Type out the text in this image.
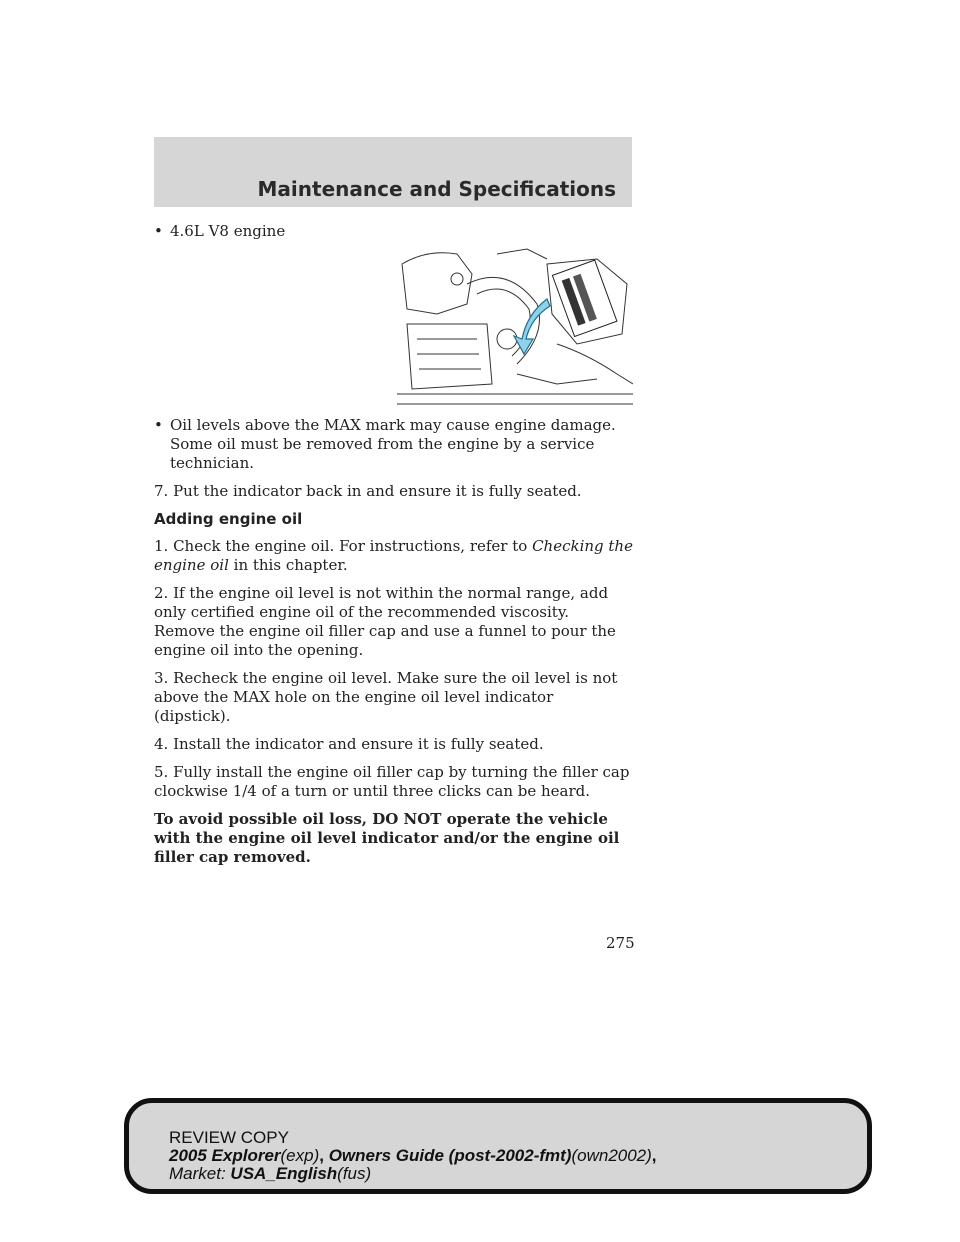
Maintenance and Specifications
• 4.6L V8 engine
• Oil levels above the MAX mark may cause engine damage. Some oil must be removed from the engine by a service technician.

7. Put the indicator back in and ensure it is fully seated.

Adding engine oil

1. Check the engine oil. For instructions, refer to Checking the engine oil in this chapter.

2. If the engine oil level is not within the normal range, add only certified engine oil of the recommended viscosity. Remove the engine oil filler cap and use a funnel to pour the engine oil into the opening.

3. Recheck the engine oil level. Make sure the oil level is not above the MAX hole on the engine oil level indicator (dipstick).

4. Install the indicator and ensure it is fully seated.

5. Fully install the engine oil filler cap by turning the filler cap clockwise 1/4 of a turn or until three clicks can be heard.

To avoid possible oil loss, DO NOT operate the vehicle with the engine oil level indicator and/or the engine oil filler cap removed.

275
REVIEW COPY
2005 Explorer(exp), Owners Guide (post-2002-fmt)(own2002),
Market: USA_English(fus)
